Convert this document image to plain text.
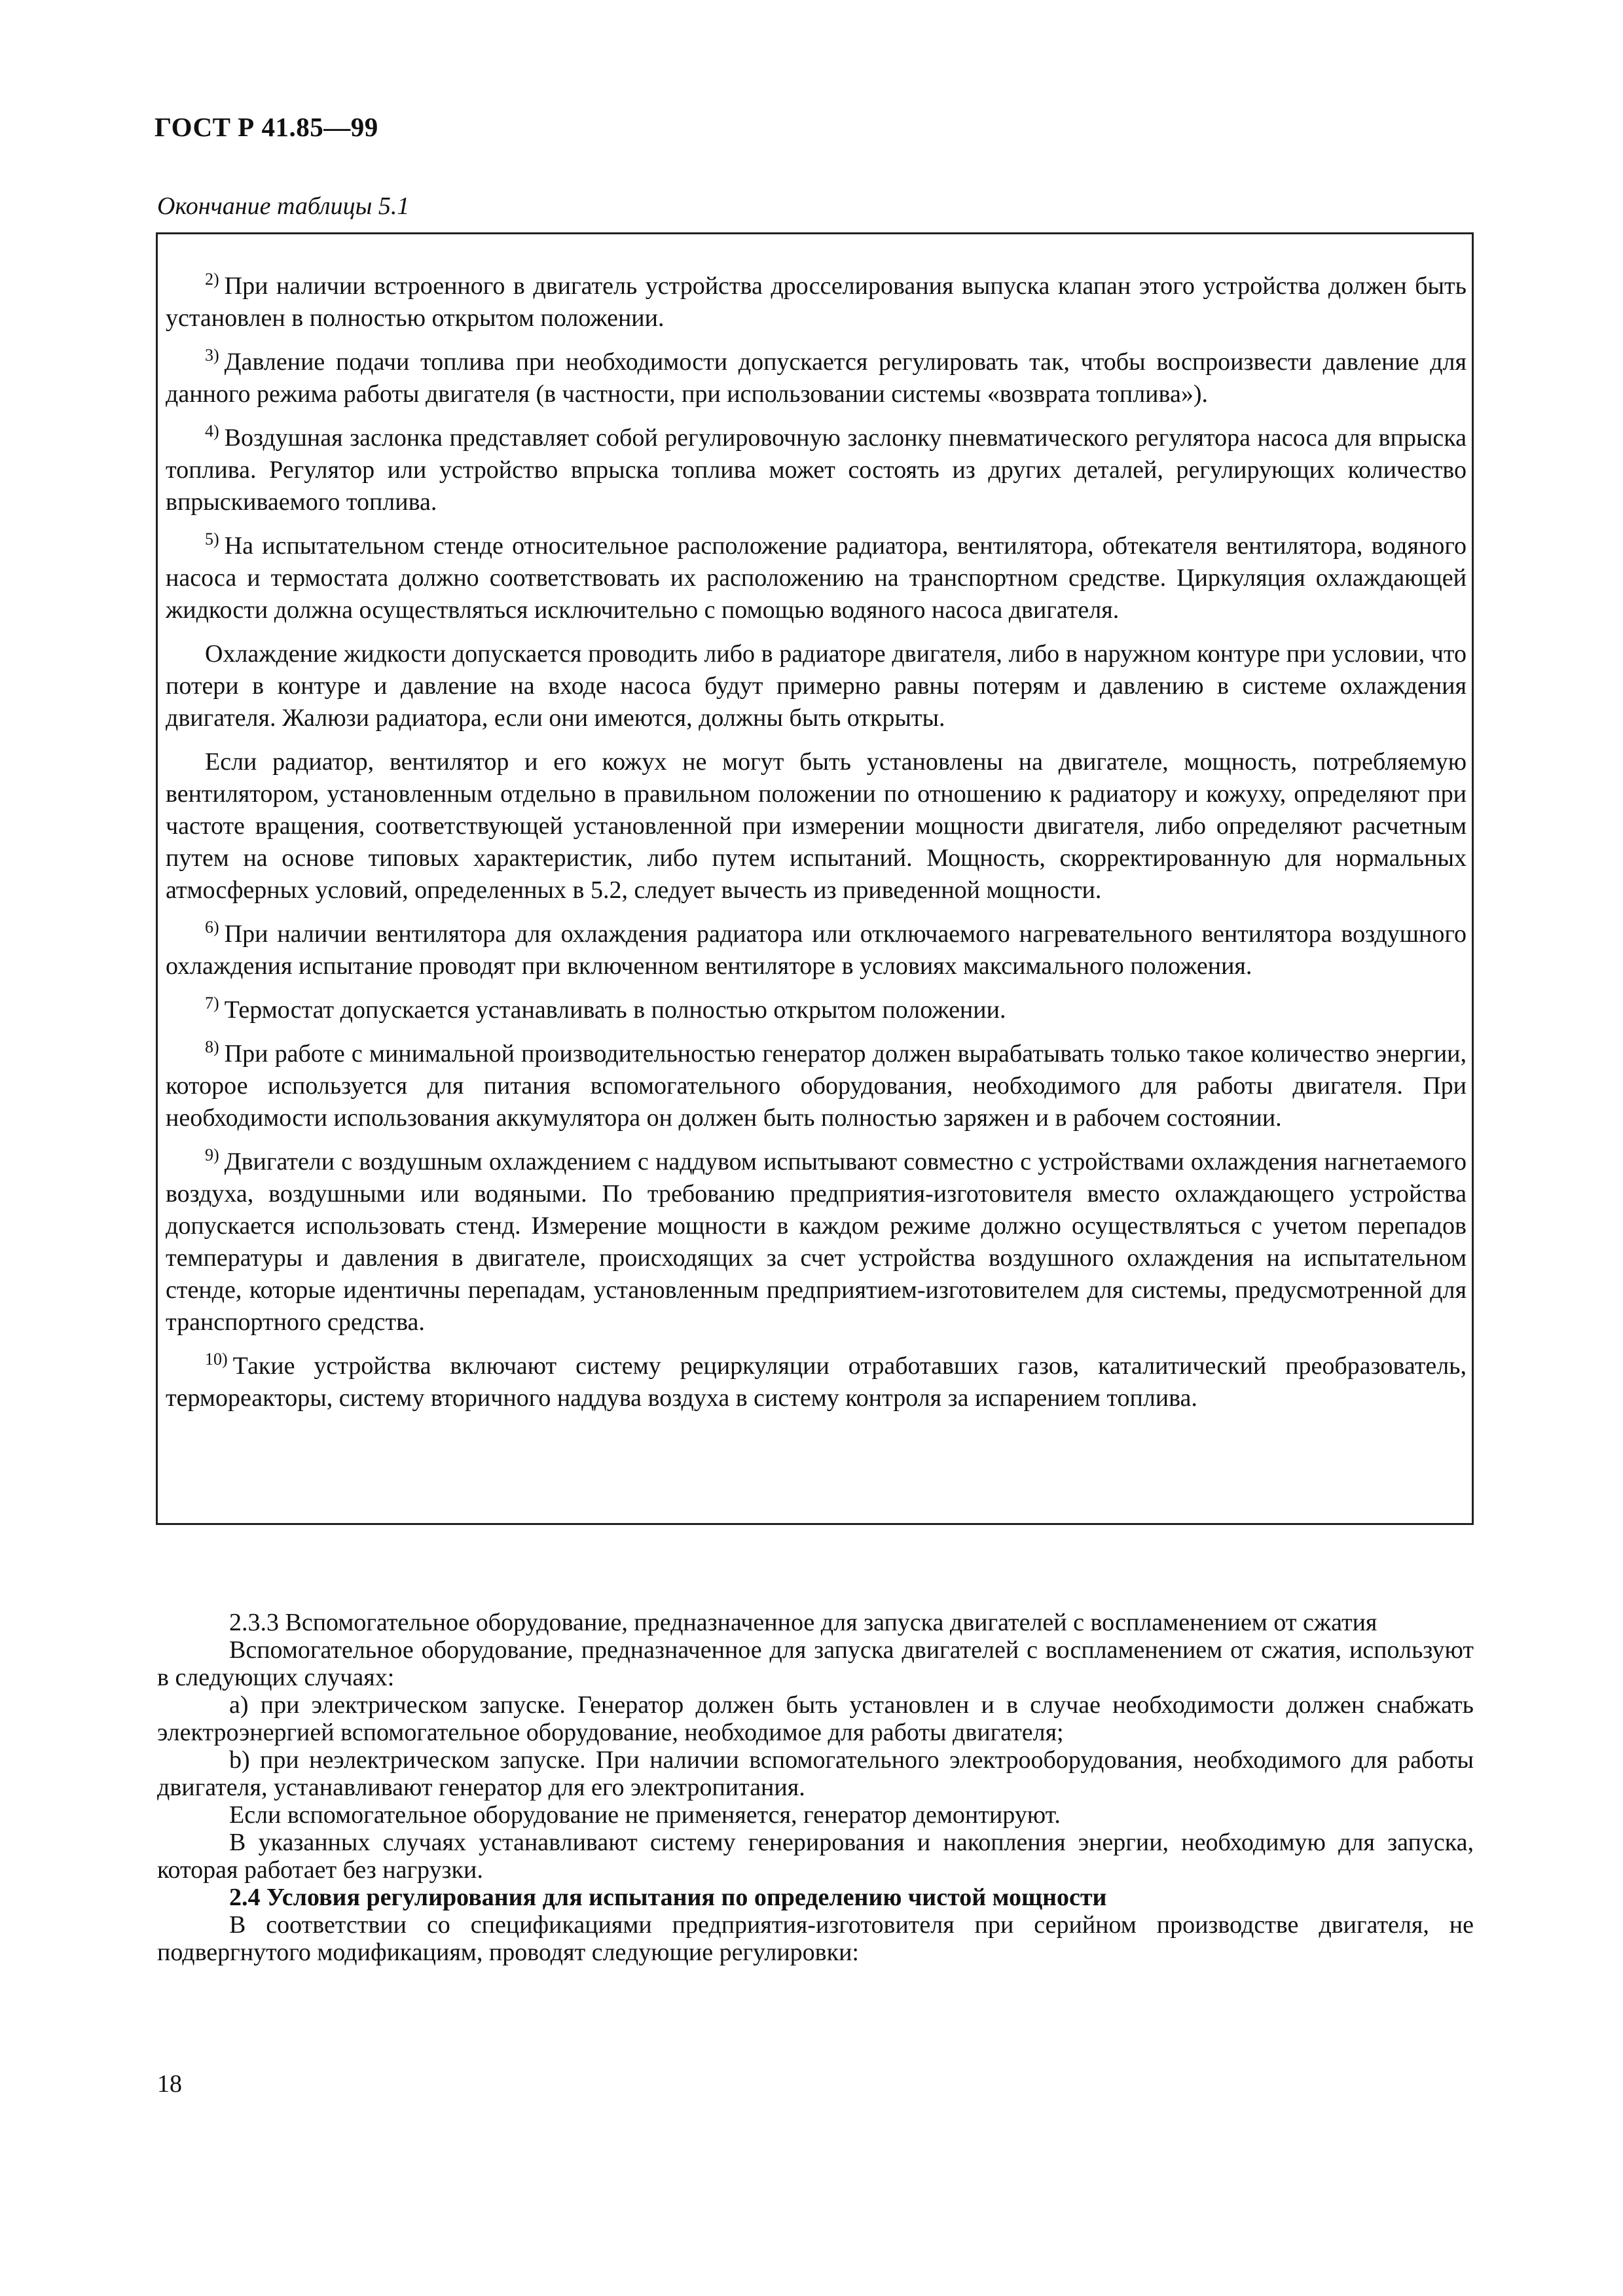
ГОСТ Р 41.85—99
Окончание таблицы 5.1

$^{2)}$ При наличии встроенного в двигатель устройства дросселирования выпуска клапан этого устройства должен быть установлен в полностью открытом положении.

$^{3)}$ Давление подачи топлива при необходимости допускается регулировать так, чтобы воспроизвести давление для данного режима работы двигателя (в частности, при использовании системы «возврата топлива»).

$^{4)}$ Воздушная заслонка представляет собой регулировочную заслонку пневматического регулятора насоса для впрыска топлива. Регулятор или устройство впрыска топлива может состоять из других деталей, регулирующих количество впрыскиваемого топлива.

$^{5)}$ На испытательном стенде относительное расположение радиатора, вентилятора, обтекателя вентилятора, водяного насоса и термостата должно соответствовать их расположению на транспортном средстве. Циркуляция охлаждающей жидкости должна осуществляться исключительно с помощью водяного насоса двигателя.

Охлаждение жидкости допускается проводить либо в радиаторе двигателя, либо в наружном контуре при условии, что потери в контуре и давление на входе насоса будут примерно равны потерям и давлению в системе охлаждения двигателя. Жалюзи радиатора, если они имеются, должны быть открыты.

Если радиатор, вентилятор и его кожух не могут быть установлены на двигателе, мощность, потребляемую вентилятором, установленным отдельно в правильном положении по отношению к радиатору и кожуху, определяют при частоте вращения, соответствующей установленной при измерении мощности двигателя, либо определяют расчетным путем на основе типовых характеристик, либо путем испытаний. Мощность, скорректированную для нормальных атмосферных условий, определенных в 5.2, следует вычесть из приведенной мощности.

$^{6)}$ При наличии вентилятора для охлаждения радиатора или отключаемого нагревательного вентилятора воздушного охлаждения испытание проводят при включенном вентиляторе в условиях максимального положения.

$^{7)}$ Термостат допускается устанавливать в полностью открытом положении.

$^{8)}$ При работе с минимальной производительностью генератор должен вырабатывать только такое количество энергии, которое используется для питания вспомогательного оборудования, необходимого для работы двигателя. При необходимости использования аккумулятора он должен быть полностью заряжен и в рабочем состоянии.

$^{9)}$ Двигатели с воздушным охлаждением с наддувом испытывают совместно с устройствами охлаждения нагнетаемого воздуха, воздушными или водяными. По требованию предприятия-изготовителя вместо охлаждающего устройства допускается использовать стенд. Измерение мощности в каждом режиме должно осуществляться с учетом перепадов температуры и давления в двигателе, происходящих за счет устройства воздушного охлаждения на испытательном стенде, которые идентичны перепадам, установленным предприятием-изготовителем для системы, предусмотренной для транспортного средства.

$^{10)}$ Такие устройства включают систему рециркуляции отработавших газов, каталитический преобразователь, термореакторы, систему вторичного наддува воздуха в систему контроля за испарением топлива.

2.3.3 Вспомогательное оборудование, предназначенное для запуска двигателей с воспламенением от сжатия

Вспомогательное оборудование, предназначенное для запуска двигателей с воспламенением от сжатия, используют в следующих случаях:

a) при электрическом запуске. Генератор должен быть установлен и в случае необходимости должен снабжать электроэнергией вспомогательное оборудование, необходимое для работы двигателя;

b) при неэлектрическом запуске. При наличии вспомогательного электрооборудования, необходимого для работы двигателя, устанавливают генератор для его электропитания.

Если вспомогательное оборудование не применяется, генератор демонтируют.

В указанных случаях устанавливают систему генерирования и накопления энергии, необходимую для запуска, которая работает без нагрузки.

2.4 Условия регулирования для испытания по определению чистой мощности

В соответствии со спецификациями предприятия-изготовителя при серийном производстве двигателя, не подвергнутого модификациям, проводят следующие регулировки:

18
